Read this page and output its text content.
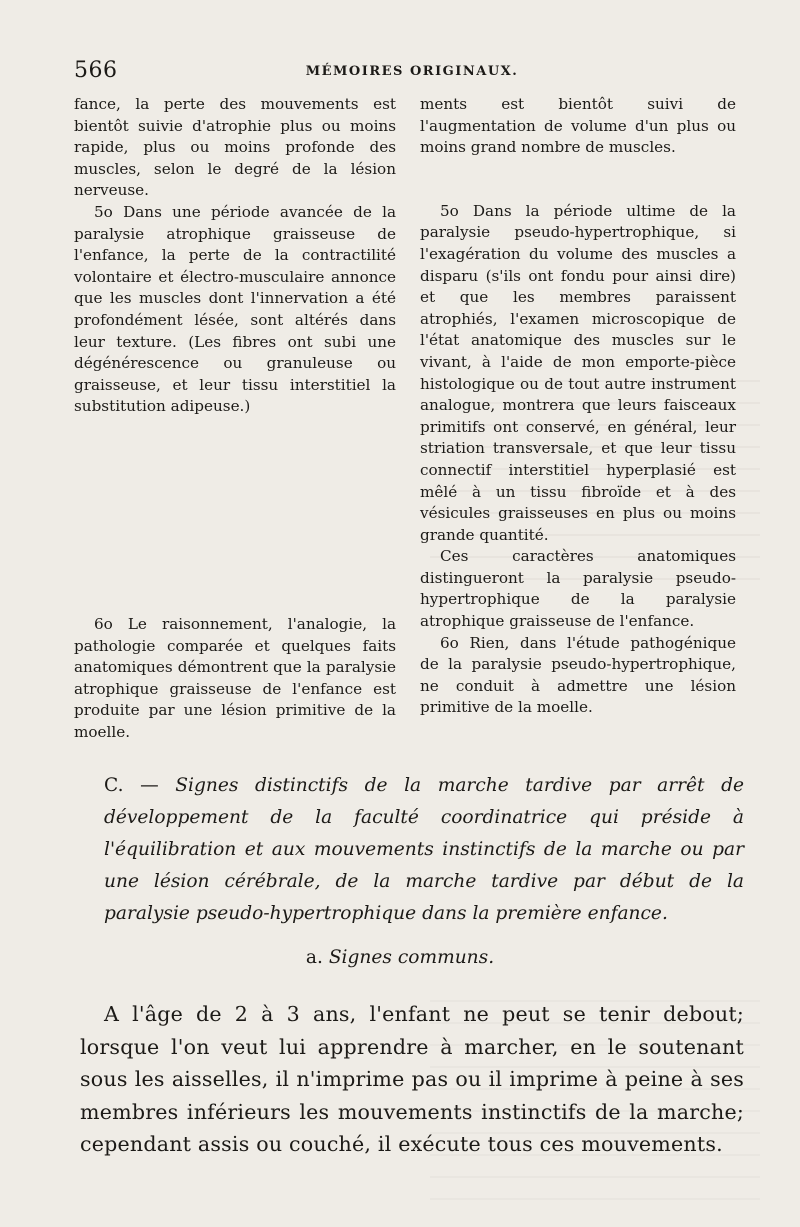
566	MÉMOIRES ORIGINAUX.

fance, la perte des mouvements est bientôt suivie d'atrophie plus ou moins rapide, plus ou moins profonde des muscles, selon le degré de la lésion nerveuse.

5o Dans une période avancée de la paralysie atrophique graisseuse de l'enfance, la perte de la contractilité volontaire et électro-musculaire annonce que les muscles dont l'innervation a été profondément lésée, sont altérés dans leur texture. (Les fibres ont subi une dégénérescence ou granuleuse ou graisseuse, et leur tissu interstitiel la substitution adipeuse.)

6o Le raisonnement, l'analogie, la pathologie comparée et quelques faits anatomiques démontrent que la paralysie atrophique graisseuse de l'enfance est produite par une lésion primitive de la moelle.

ments est bientôt suivi de l'augmentation de volume d'un plus ou moins grand nombre de muscles.

5o Dans la période ultime de la paralysie pseudo-hypertrophique, si l'exagération du volume des muscles a disparu (s'ils ont fondu pour ainsi dire) et que les membres paraissent atrophiés, l'examen microscopique de l'état anatomique des muscles sur le vivant, à l'aide de mon emporte-pièce histologique ou de tout autre instrument analogue, montrera que leurs faisceaux primitifs ont conservé, en général, leur striation transversale, et que leur tissu connectif interstitiel hyperplasié est mêlé à un tissu fibroïde et à des vésicules graisseuses en plus ou moins grande quantité.

Ces caractères anatomiques distingueront la paralysie pseudo-hypertrophique de la paralysie atrophique graisseuse de l'enfance.

6o Rien, dans l'étude pathogénique de la paralysie pseudo-hypertrophique, ne conduit à admettre une lésion primitive de la moelle.

C. — Signes distinctifs de la marche tardive par arrêt de développement de la faculté coordinatrice qui préside à l'équilibration et aux mouvements instinctifs de la marche ou par une lésion cérébrale, de la marche tardive par début de la paralysie pseudo-hypertrophique dans la première enfance.
a. Signes communs.

A l'âge de 2 à 3 ans, l'enfant ne peut se tenir debout; lorsque l'on veut lui apprendre à marcher, en le soutenant sous les aisselles, il n'imprime pas ou il imprime à peine à ses membres inférieurs les mouvements instinctifs de la marche; cependant assis ou couché, il exécute tous ces mouvements.
